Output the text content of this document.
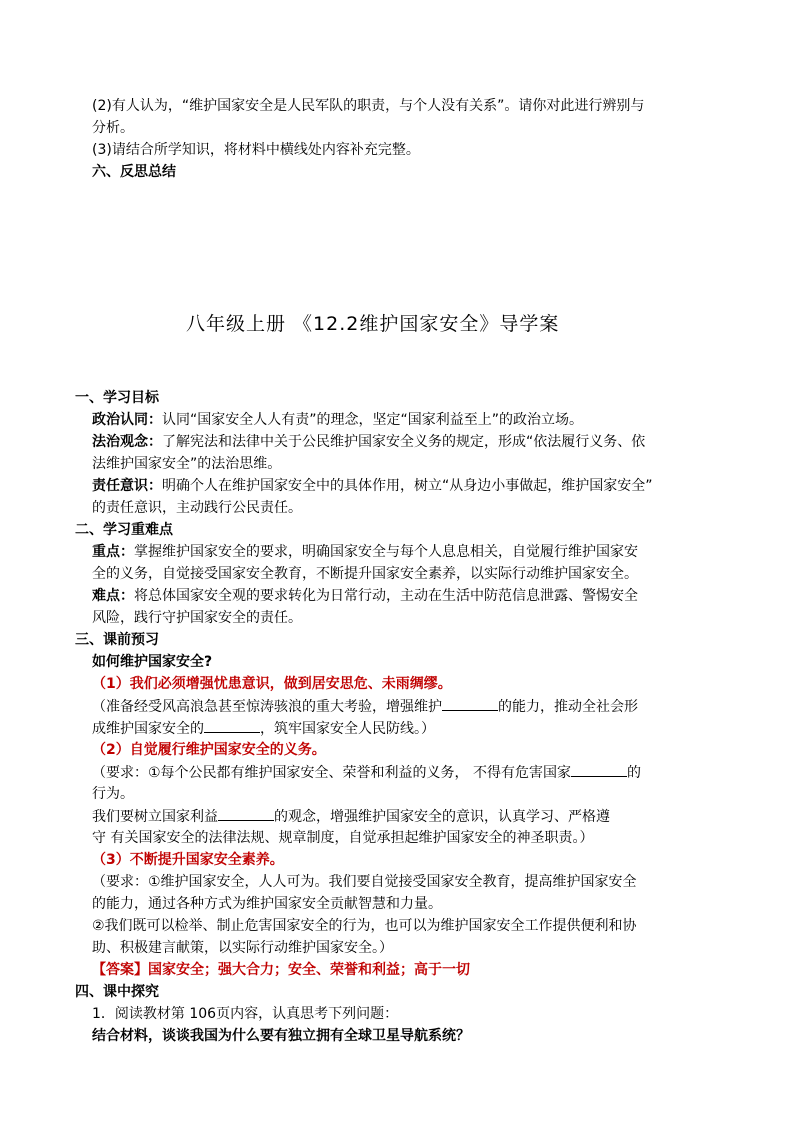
(2)有人认为，“维护国家安全是人民军队的职责，与个人没有关系”。请你对此进行辨别与
分析。
(3)请结合所学知识，将材料中横线处内容补充完整。
六、反思总结
八年级上册 《12.2维护国家安全》导学案
一、学习目标
政治认同：认同“国家安全人人有责”的理念，坚定“国家利益至上”的政治立场。
法治观念：了解宪法和法律中关于公民维护国家安全义务的规定，形成“依法履行义务、依
法维护国家安全”的法治思维。
责任意识：明确个人在维护国家安全中的具体作用，树立“从身边小事做起，维护国家安全”
的责任意识，主动践行公民责任。
二、学习重难点
重点：掌握维护国家安全的要求，明确国家安全与每个人息息相关，自觉履行维护国家安
全的义务，自觉接受国家安全教育，不断提升国家安全素养，以实际行动维护国家安全。
难点：将总体国家安全观的要求转化为日常行动，主动在生活中防范信息泄露、警惕安全
风险，践行守护国家安全的责任。
三、课前预习
如何维护国家安全?
（1）我们必须增强忧患意识，做到居安思危、未雨绸缪。
（准备经受风高浪急甚至惊涛骇浪的重大考验，增强维护	的能力，推动全社会形
成维护国家安全的	，筑牢国家安全人民防线。）
（2）自觉履行维护国家安全的义务。
（要求：①每个公民都有维护国家安全、荣誉和利益的义务， 不得有危害国家	的
行为。
我们要树立国家利益	的观念，增强维护国家安全的意识，认真学习、严格遵
守 有关国家安全的法律法规、规章制度，自觉承担起维护国家安全的神圣职责。）
（3）不断提升国家安全素养。
（要求：①维护国家安全，人人可为。我们要自觉接受国家安全教育，提高维护国家安全
的能力，通过各种方式为维护国家安全贡献智慧和力量。
②我们既可以检举、制止危害国家安全的行为，也可以为维护国家安全工作提供便利和协
助、积极建言献策，以实际行动维护国家安全。）
【答案】国家安全；强大合力；安全、荣誉和利益；高于一切
四、课中探究
1．阅读教材第 106页内容，认真思考下列问题：
结合材料，谈谈我国为什么要有独立拥有全球卫星导航系统？
